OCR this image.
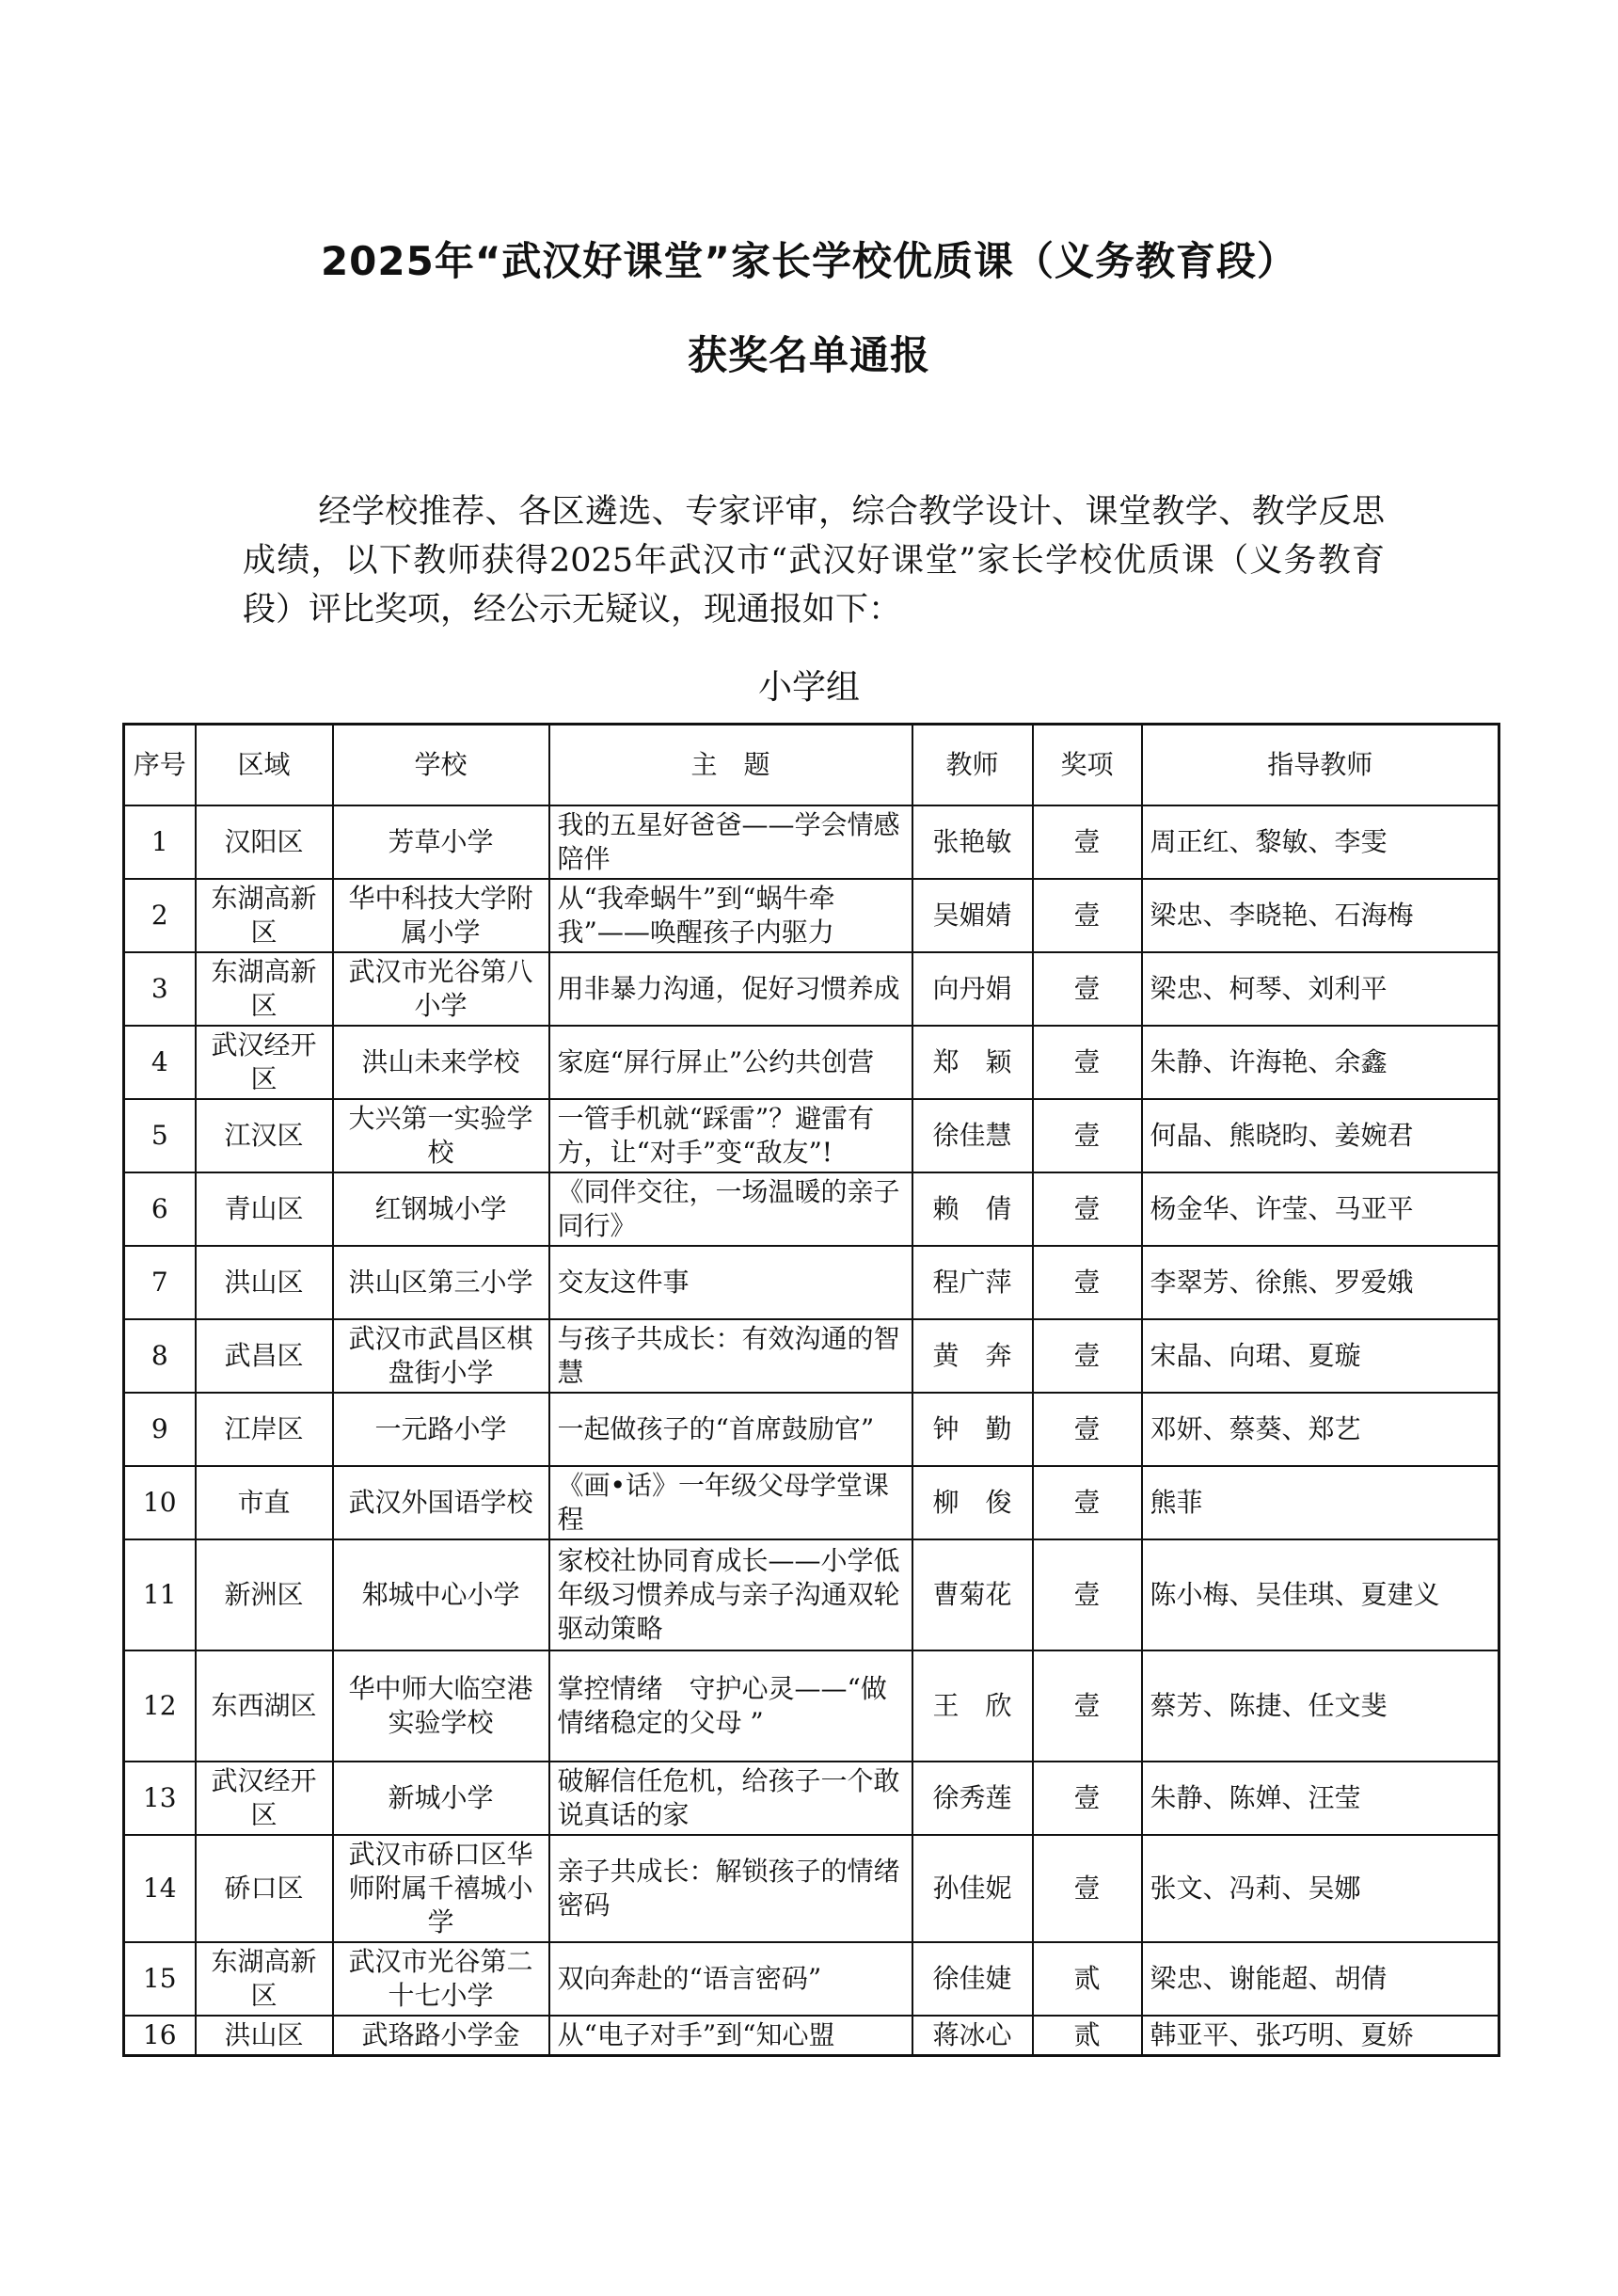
2025年“武汉好课堂”家长学校优质课（义务教育段）
获奖名单通报
经学校推荐、各区遴选、专家评审，综合教学设计、课堂教学、教学反思成绩，以下教师获得2025年武汉市“武汉好课堂”家长学校优质课（义务教育段）评比奖项，经公示无疑议，现通报如下：
小学组
序号	区域	学校	主　题	教师	奖项	指导教师
1	汉阳区	芳草小学	我的五星好爸爸——学会情感陪伴	张艳敏	壹	周正红、黎敏、李雯
2	东湖高新区	华中科技大学附属小学	从“我牵蜗牛”到“蜗牛牵我”——唤醒孩子内驱力	吴媚婧	壹	梁忠、李晓艳、石海梅
3	东湖高新区	武汉市光谷第八小学	用非暴力沟通，促好习惯养成	向丹娟	壹	梁忠、柯琴、刘利平
4	武汉经开区	洪山未来学校	家庭“屏行屏止”公约共创营	郑　颖	壹	朱静、许海艳、余鑫
5	江汉区	大兴第一实验学校	一管手机就“踩雷”？避雷有方，让“对手”变“敌友”!	徐佳慧	壹	何晶、熊晓昀、姜婉君
6	青山区	红钢城小学	《同伴交往，一场温暖的亲子同行》	赖　倩	壹	杨金华、许莹、马亚平
7	洪山区	洪山区第三小学	交友这件事	程广萍	壹	李翠芳、徐熊、罗爱娥
8	武昌区	武汉市武昌区棋盘街小学	与孩子共成长：有效沟通的智慧	黄　奔	壹	宋晶、向珺、夏璇
9	江岸区	一元路小学	一起做孩子的“首席鼓励官”	钟　勤	壹	邓妍、蔡葵、郑艺
10	市直	武汉外国语学校	《画•话》一年级父母学堂课程	柳　俊	壹	熊菲
11	新洲区	邾城中心小学	家校社协同育成长——小学低年级习惯养成与亲子沟通双轮驱动策略	曹菊花	壹	陈小梅、吴佳琪、夏建义
12	东西湖区	华中师大临空港实验学校	掌控情绪　守护心灵——“做情绪稳定的父母 ”	王　欣	壹	蔡芳、陈捷、任文斐
13	武汉经开区	新城小学	破解信任危机，给孩子一个敢说真话的家	徐秀莲	壹	朱静、陈婵、汪莹
14	硚口区	武汉市硚口区华师附属千禧城小学	亲子共成长：解锁孩子的情绪密码	孙佳妮	壹	张文、冯莉、吴娜
15	东湖高新区	武汉市光谷第二十七小学	双向奔赴的“语言密码”	徐佳婕	贰	梁忠、谢能超、胡倩
16	洪山区	武珞路小学金	从“电子对手”到“知心盟	蒋冰心	贰	韩亚平、张巧明、夏娇
